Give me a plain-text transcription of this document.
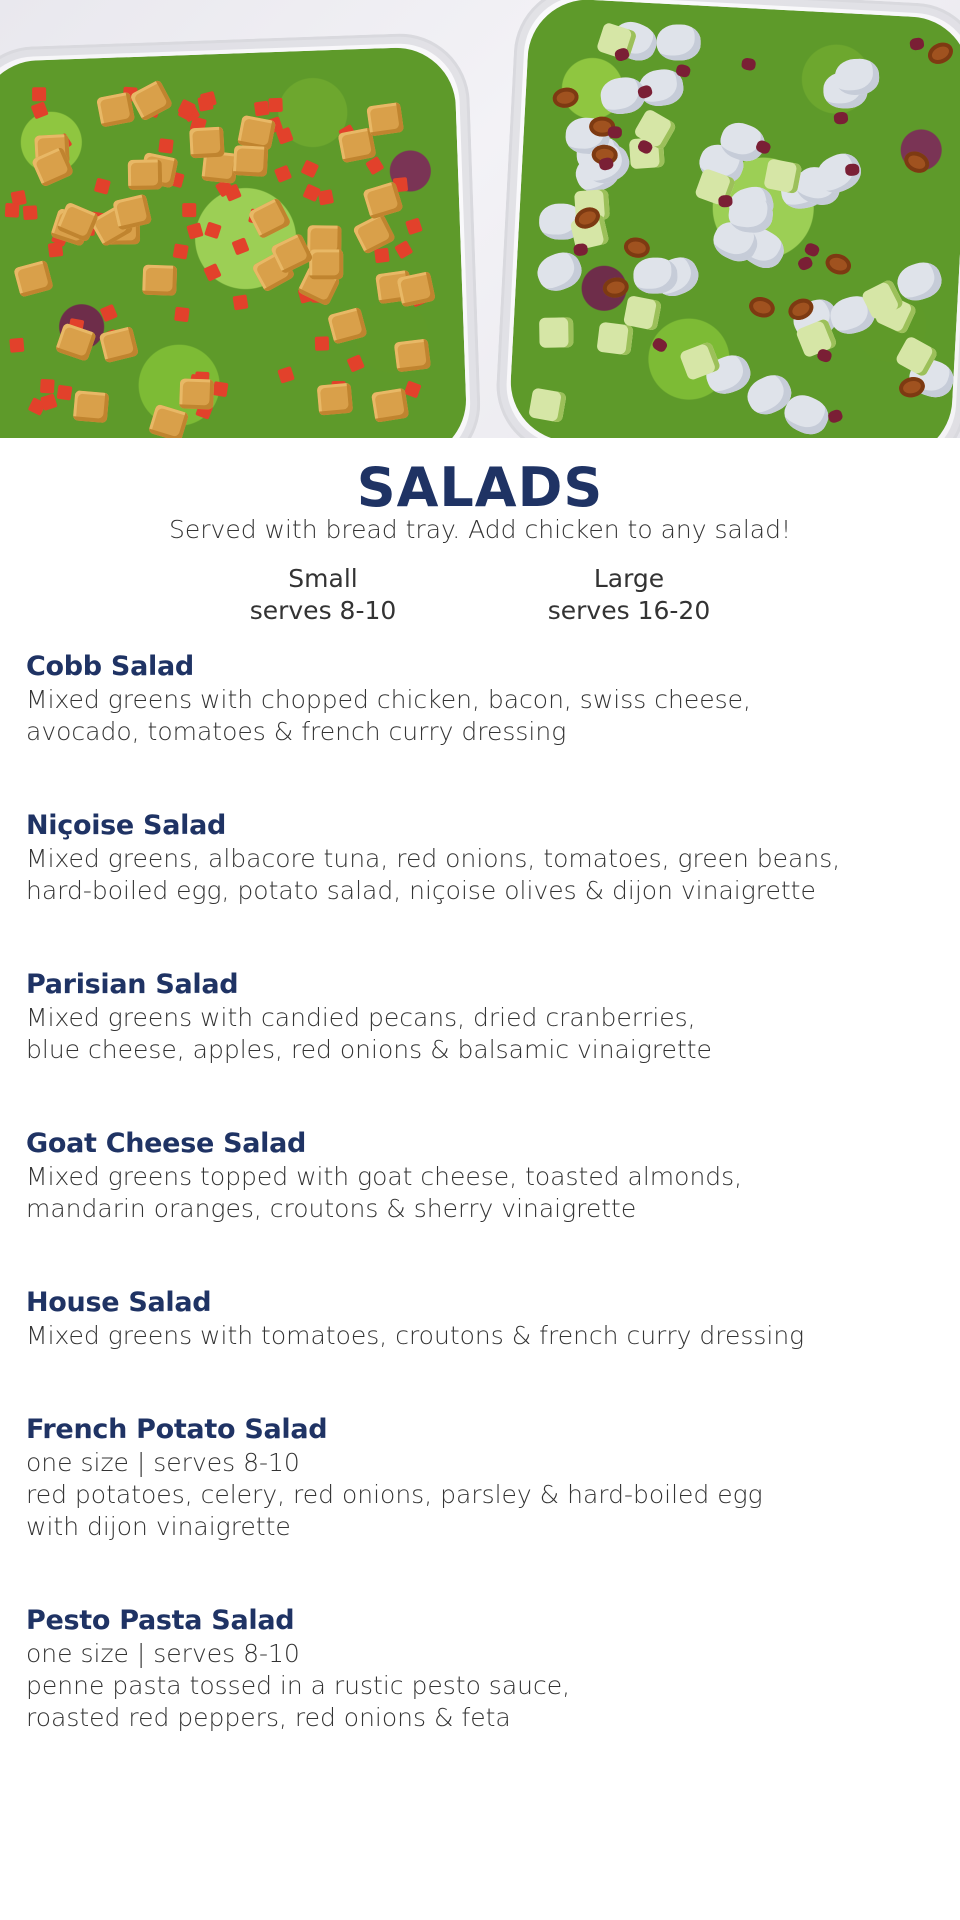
SALADS

Served with bread tray. Add chicken to any salad!

Small
serves 8-10
Large
serves 16-20
Cobb Salad

Mixed greens with chopped chicken, bacon, swiss cheese,

avocado, tomatoes & french curry dressing

Niçoise Salad

Mixed greens, albacore tuna, red onions, tomatoes, green beans,

hard-boiled egg, potato salad, niçoise olives & dijon vinaigrette

Parisian Salad

Mixed greens with candied pecans, dried cranberries,

blue cheese, apples, red onions & balsamic vinaigrette

Goat Cheese Salad

Mixed greens topped with goat cheese, toasted almonds,

mandarin oranges, croutons & sherry vinaigrette

House Salad

Mixed greens with tomatoes, croutons & french curry dressing

French Potato Salad

one size | serves 8-10

red potatoes, celery, red onions, parsley & hard-boiled egg

with dijon vinaigrette

Pesto Pasta Salad

one size | serves 8-10

penne pasta tossed in a rustic pesto sauce,

roasted red peppers, red onions & feta
